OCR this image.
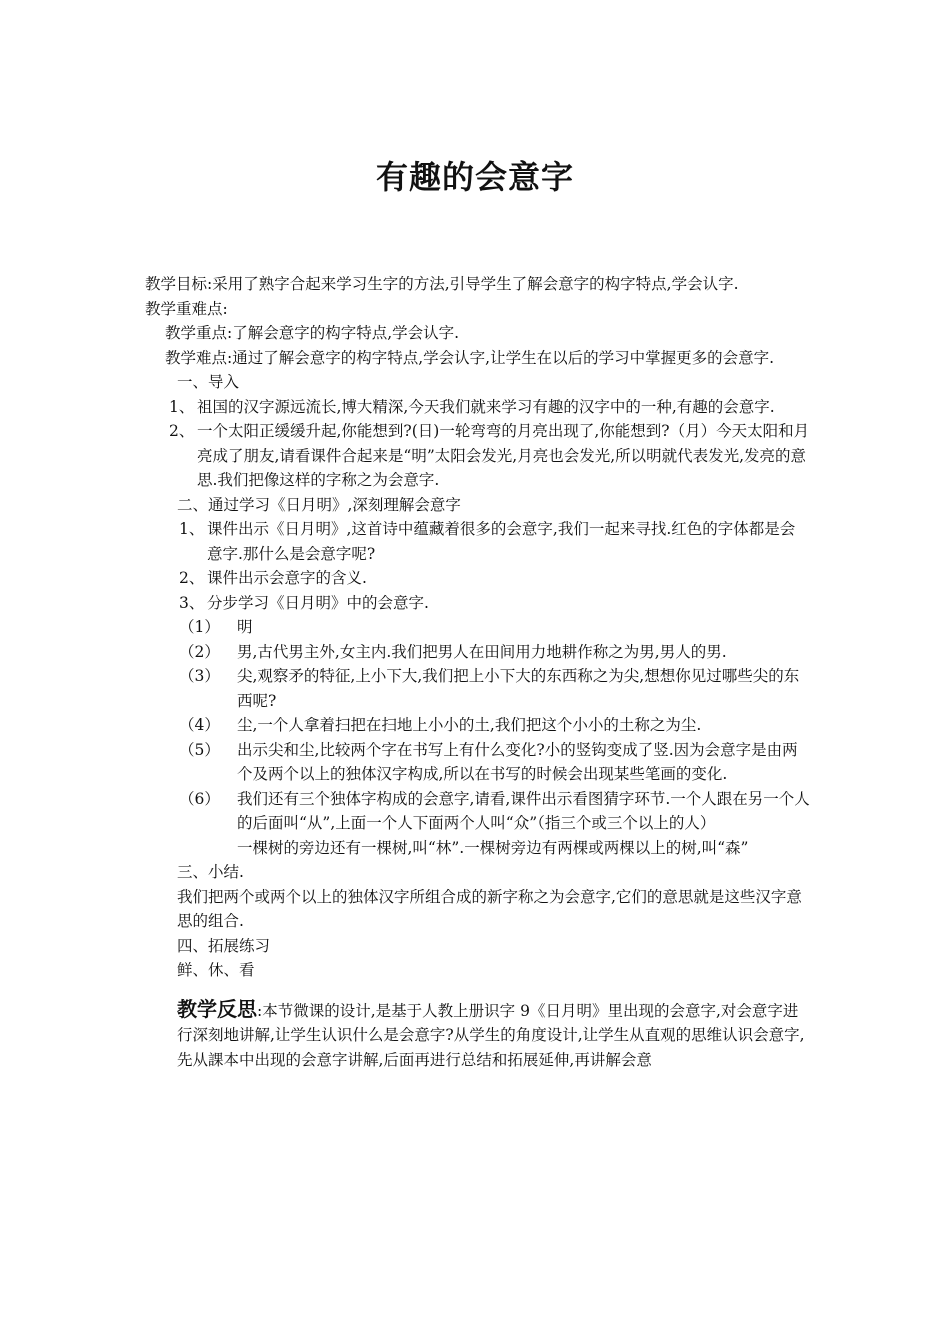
有趣的会意字

教学目标:采用了熟字合起来学习生字的方法,引导学生了解会意字的构字特点,学会认字.

教学重难点:

教学重点:了解会意字的构字特点,学会认字.

教学难点:通过了解会意字的构字特点,学会认字,让学生在以后的学习中掌握更多的会意字.

一、导入

1、 祖国的汉字源远流长,博大精深,今天我们就来学习有趣的汉字中的一种,有趣的会意字.
2、 一个太阳正缓缓升起,你能想到?(日)一轮弯弯的月亮出现了,你能想到?（月）今天太阳和月亮成了朋友,请看课件合起来是“明”太阳会发光,月亮也会发光,所以明就代表发光,发亮的意思.我们把像这样的字称之为会意字.

二、通过学习《日月明》,深刻理解会意字

1、 课件出示《日月明》,这首诗中蕴藏着很多的会意字,我们一起来寻找.红色的字体都是会意字.那什么是会意字呢?
2、 课件出示会意字的含义.
3、 分步学习《日月明》中的会意字.
（1） 明
（2） 男,古代男主外,女主内.我们把男人在田间用力地耕作称之为男,男人的男.
（3） 尖,观察矛的特征,上小下大,我们把上小下大的东西称之为尖,想想你见过哪些尖的东西呢?
（4） 尘,一个人拿着扫把在扫地上小小的土,我们把这个小小的土称之为尘.
（5） 出示尖和尘,比较两个字在书写上有什么变化?小的竖钩变成了竖.因为会意字是由两个及两个以上的独体汉字构成,所以在书写的时候会出现某些笔画的变化.
（6） 我们还有三个独体字构成的会意字,请看,课件出示看图猜字环节.一个人跟在另一个人的后面叫“从”,上面一个人下面两个人叫“众”（指三个或三个以上的人）

一棵树的旁边还有一棵树,叫“林”.一棵树旁边有两棵或两棵以上的树,叫“森”

三、小结.

我们把两个或两个以上的独体汉字所组合成的新字称之为会意字,它们的意思就是这些汉字意思的组合.

四、拓展练习

鲜、休、看

教学反思:本节微课的设计,是基于人教上册识字 9《日月明》里出现的会意字,对会意字进行深刻地讲解,让学生认识什么是会意字?从学生的角度设计,让学生从直观的思维认识会意字,先从課本中出现的会意字讲解,后面再进行总结和拓展延伸,再讲解会意
